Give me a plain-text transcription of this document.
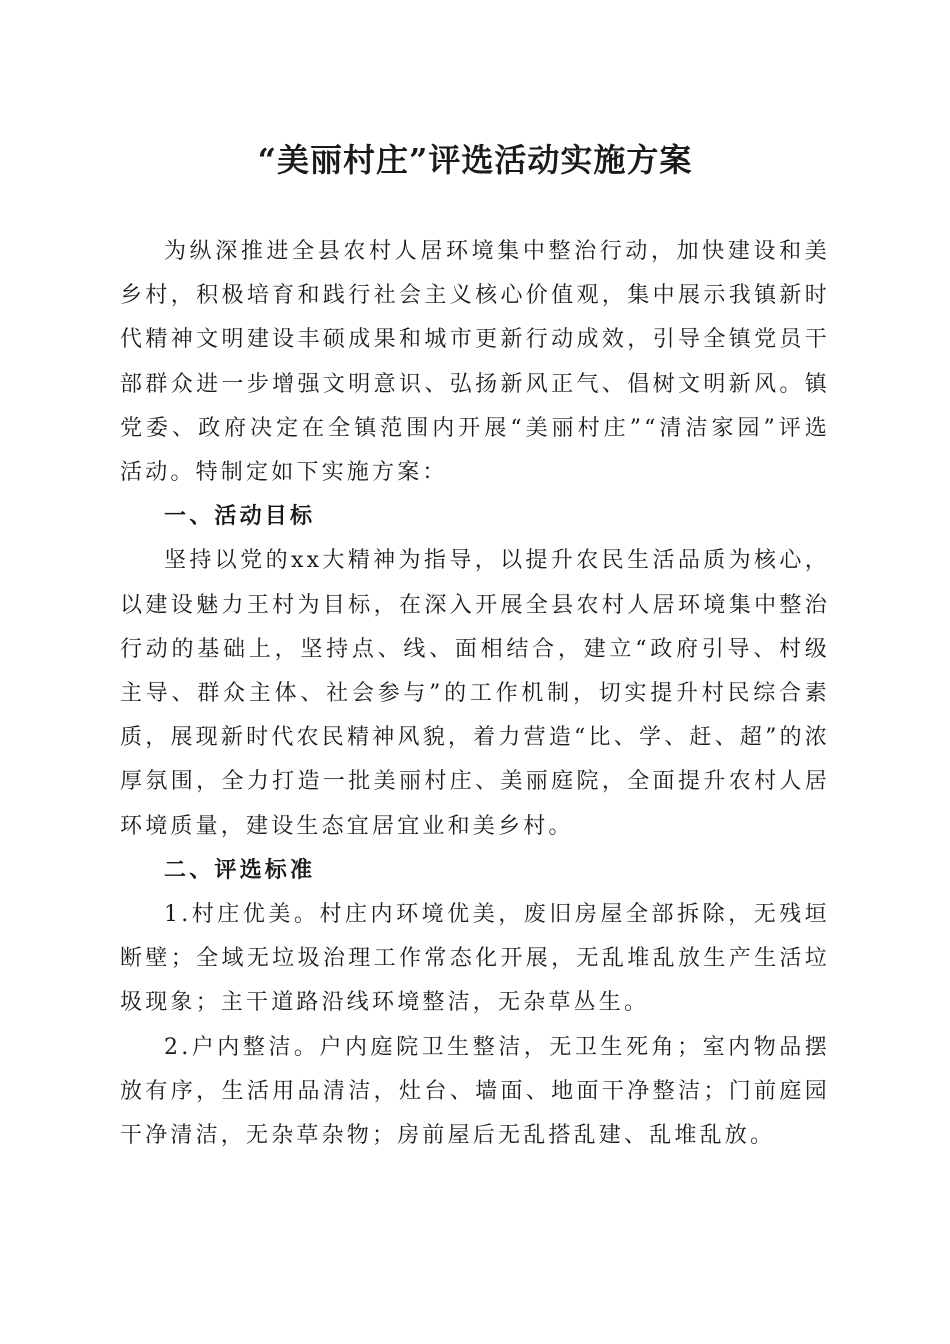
“美丽村庄”评选活动实施方案

为纵深推进全县农村人居环境集中整治行动，加快建设和美乡村，积极培育和践行社会主义核心价值观，集中展示我镇新时代精神文明建设丰硕成果和城市更新行动成效，引导全镇党员干部群众进一步增强文明意识、弘扬新风正气、倡树文明新风。镇党委、政府决定在全镇范围内开展“美丽村庄”“清洁家园”评选活动。特制定如下实施方案：

一、活动目标

坚持以党的xx大精神为指导，以提升农民生活品质为核心，以建设魅力王村为目标，在深入开展全县农村人居环境集中整治行动的基础上，坚持点、线、面相结合，建立“政府引导、村级主导、群众主体、社会参与”的工作机制，切实提升村民综合素质，展现新时代农民精神风貌，着力营造“比、学、赶、超”的浓厚氛围，全力打造一批美丽村庄、美丽庭院，全面提升农村人居环境质量，建设生态宜居宜业和美乡村。

二、评选标准

1.村庄优美。村庄内环境优美，废旧房屋全部拆除，无残垣断壁；全域无垃圾治理工作常态化开展，无乱堆乱放生产生活垃圾现象；主干道路沿线环境整洁，无杂草丛生。

2.户内整洁。户内庭院卫生整洁，无卫生死角；室内物品摆放有序，生活用品清洁，灶台、墙面、地面干净整洁；门前庭园干净清洁，无杂草杂物；房前屋后无乱搭乱建、乱堆乱放。
